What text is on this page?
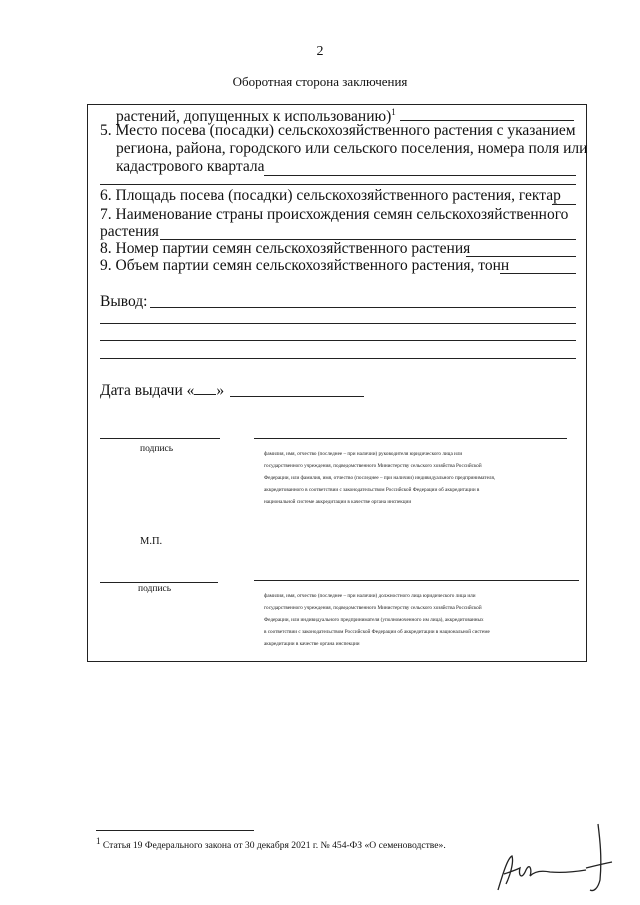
2
Оборотная сторона заключения
растений, допущенных к использованию)$^1$
5. Место посева (посадки) сельскохозяйственного растения с указанием
региона, района, городского или сельского поселения, номера поля или
кадастрового квартала
6. Площадь посева (посадки) сельскохозяйственного растения, гектар
7. Наименование страны происхождения семян сельскохозяйственного
растения
8. Номер партии семян сельскохозяйственного растения
9. Объем партии семян сельскохозяйственного растения, тонн
Вывод:
Дата выдачи « »
подпись	фамилия, имя, отчество (последнее – при наличии) руководителя юридического лица или
государственного учреждения, подведомственного Министерству сельского хозяйства Российской
Федерации, или фамилия, имя, отчество (последнее – при наличии) индивидуального предпринимателя,
аккредитованного в соответствии с законодательством Российской Федерации об аккредитации в
национальной системе аккредитации в качестве органа инспекции
М.П.
подпись
фамилия, имя, отчество (последнее – при наличии) должностного лица юридического лица или
государственного учреждения, подведомственного Министерству сельского хозяйства Российской
Федерации, или индивидуального предпринимателя (уполномоченного им лица), аккредитованных
в соответствии с законодательством Российской Федерации об аккредитации в национальной системе
аккредитации в качестве органа инспекции
$^1$ Статья 19 Федерального закона от 30 декабря 2021 г. № 454-ФЗ «О семеноводстве».
